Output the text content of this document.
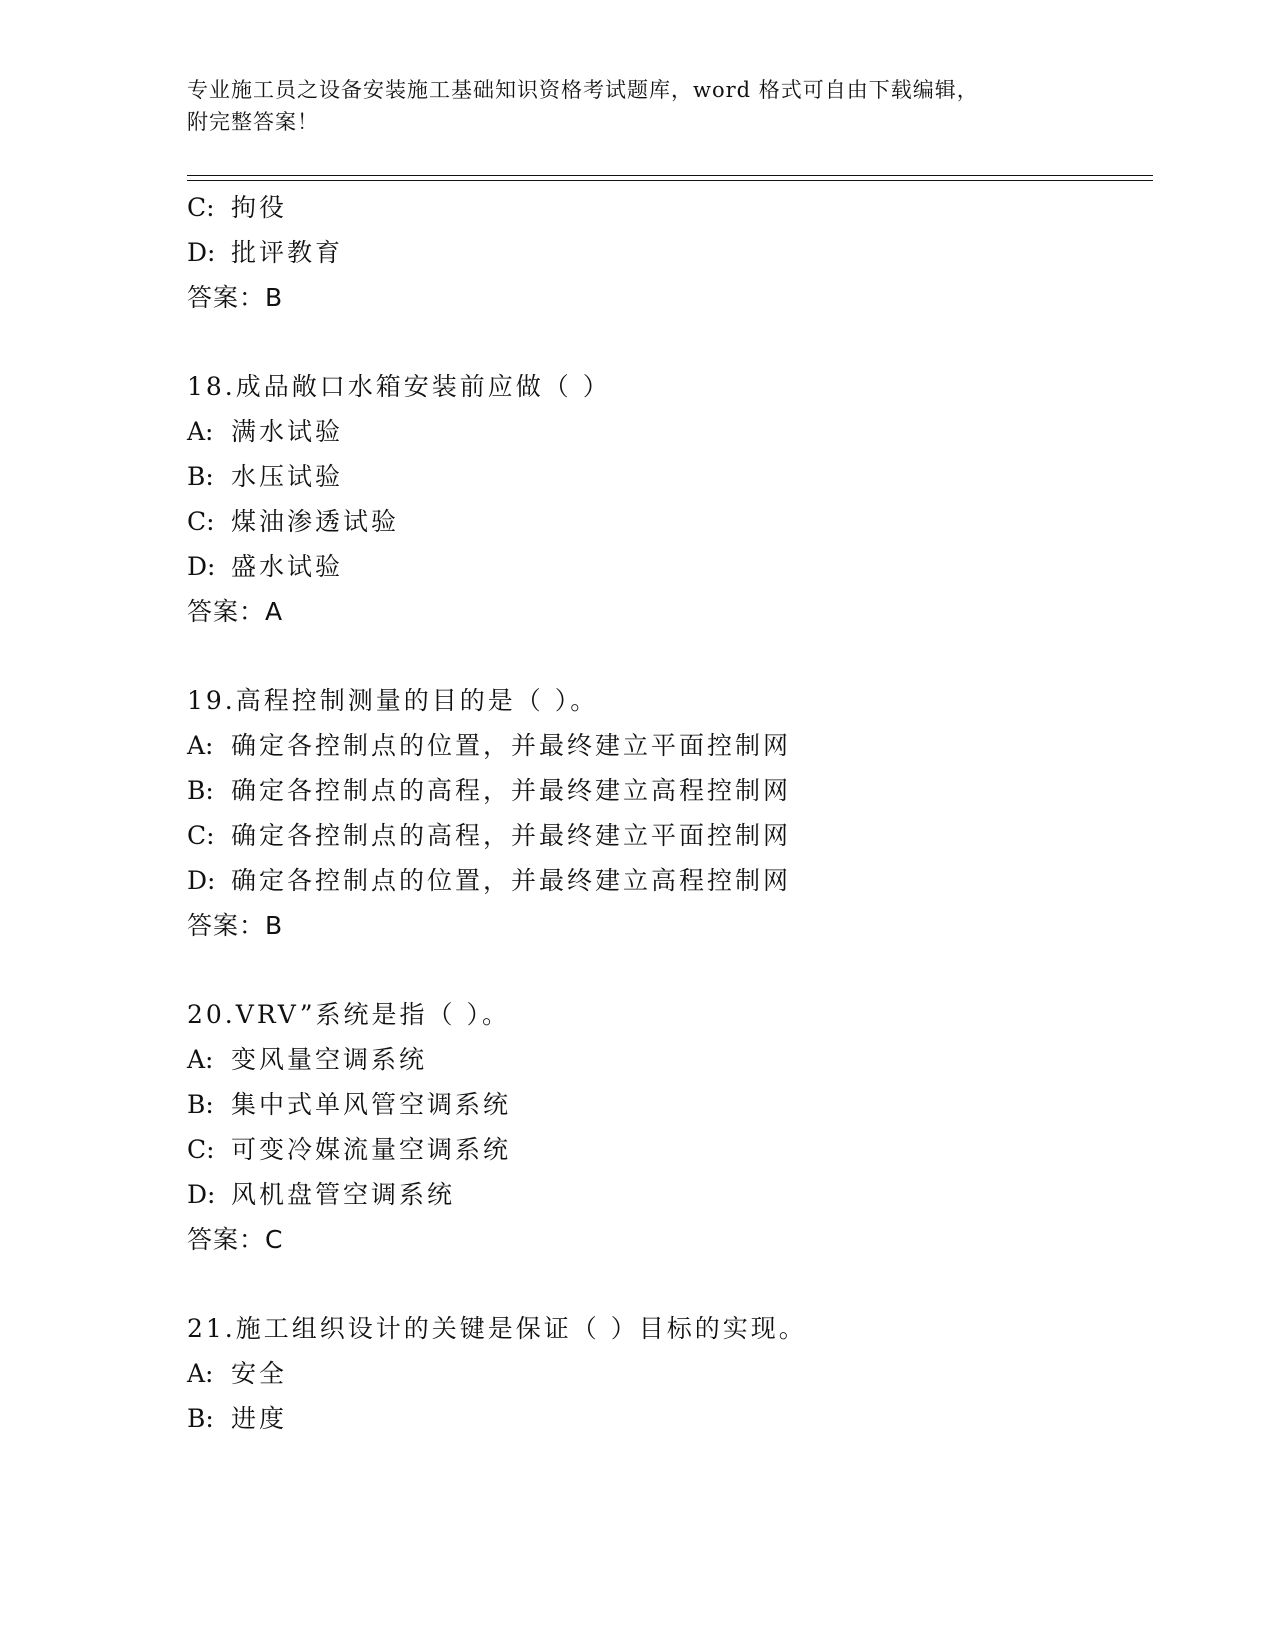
专业施工员之设备安装施工基础知识资格考试题库，word 格式可自由下载编辑，
附完整答案！
C: 拘役
D: 批评教育
答案：B
18.成品敞口水箱安装前应做（ ）
A: 满水试验
B: 水压试验
C: 煤油渗透试验
D: 盛水试验
答案：A
19.高程控制测量的目的是（ ）。
A: 确定各控制点的位置，并最终建立平面控制网
B: 确定各控制点的高程，并最终建立高程控制网
C: 确定各控制点的高程，并最终建立平面控制网
D: 确定各控制点的位置，并最终建立高程控制网
答案：B
20.VRV”系统是指（ ）。
A: 变风量空调系统
B: 集中式单风管空调系统
C: 可变冷媒流量空调系统
D: 风机盘管空调系统
答案：C
21.施工组织设计的关键是保证（ ）目标的实现。
A: 安全
B: 进度
